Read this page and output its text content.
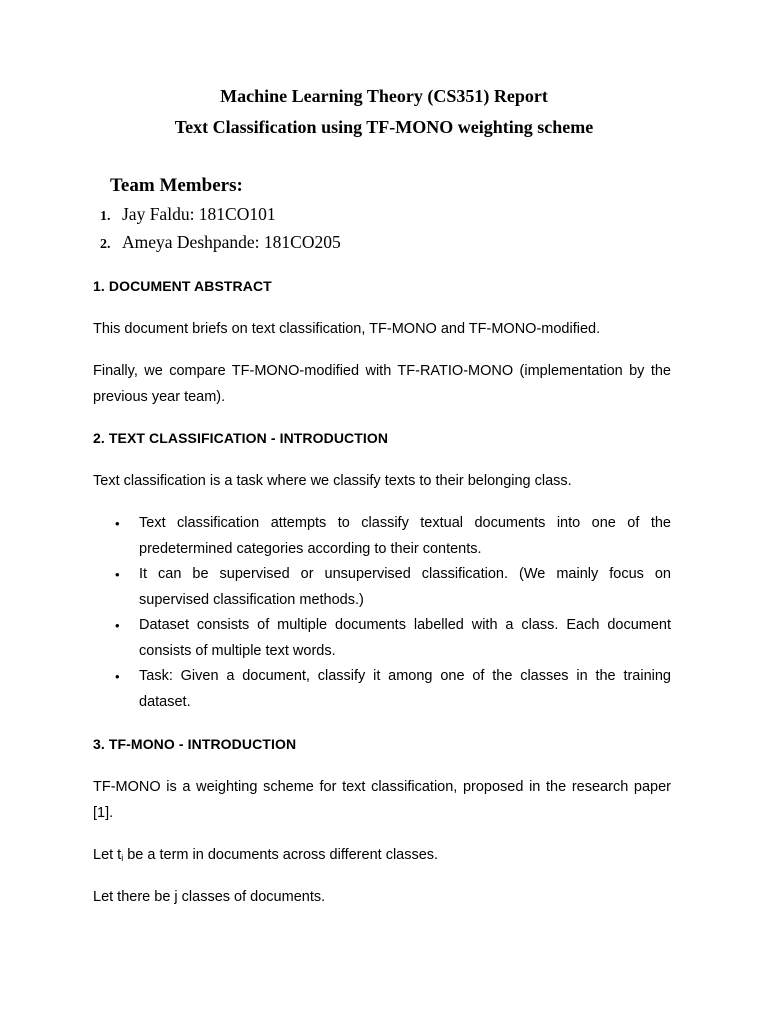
Machine Learning Theory (CS351) Report
Text Classification using TF-MONO weighting scheme
Team Members:
1. Jay Faldu: 181CO101
2. Ameya Deshpande: 181CO205
1. DOCUMENT ABSTRACT
This document briefs on text classification, TF-MONO and TF-MONO-modified.
Finally, we compare TF-MONO-modified with TF-RATIO-MONO (implementation by the previous year team).
2. TEXT CLASSIFICATION - INTRODUCTION
Text classification is a task where we classify texts to their belonging class.
• Text classification attempts to classify textual documents into one of the predetermined categories according to their contents.
• It can be supervised or unsupervised classification. (We mainly focus on supervised classification methods.)
• Dataset consists of multiple documents labelled with a class. Each document consists of multiple text words.
• Task: Given a document, classify it among one of the classes in the training dataset.
3. TF-MONO - INTRODUCTION
TF-MONO is a weighting scheme for text classification, proposed in the research paper [1].
Let $t_i$ be a term in documents across different classes.
Let there be j classes of documents.
